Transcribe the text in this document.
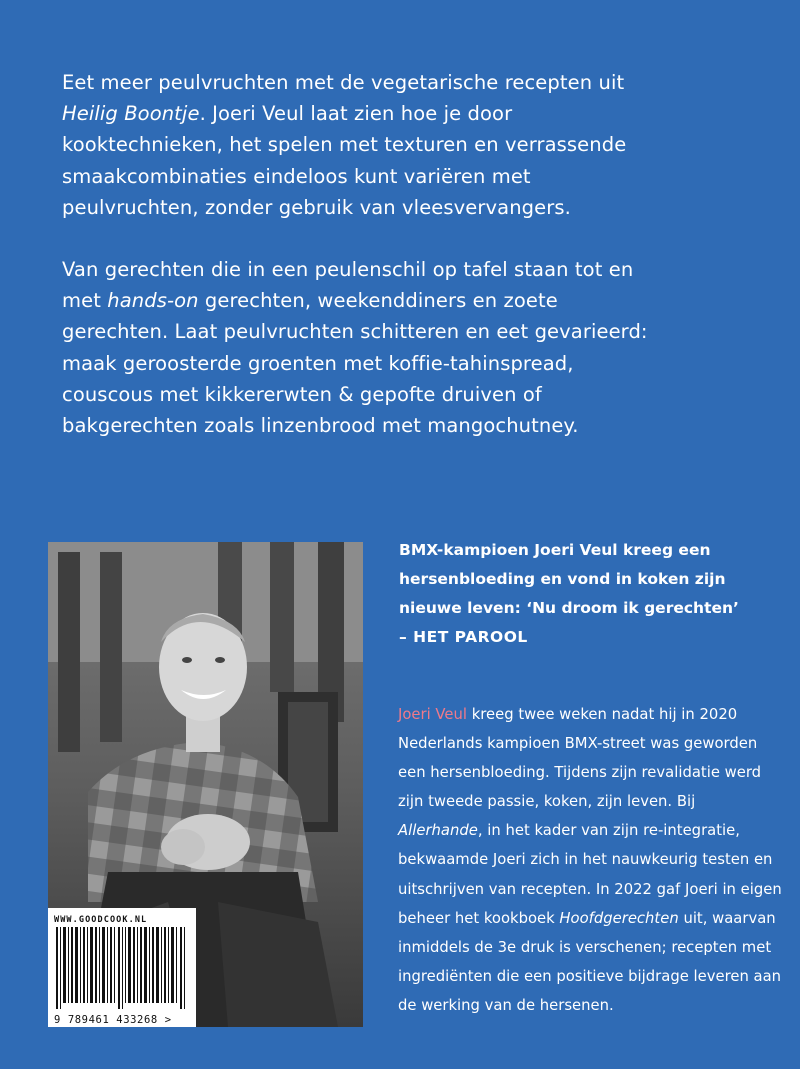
Eet meer peulvruchten met de vegetarische recepten uit Heilig Boontje. Joeri Veul laat zien hoe je door kooktechnieken, het spelen met texturen en verrassende smaakcombinaties eindeloos kunt variëren met peulvruchten, zonder gebruik van vleesvervangers.

Van gerechten die in een peulenschil op tafel staan tot en met hands-on gerechten, weekenddiners en zoete gerechten. Laat peulvruchten schitteren en eet gevarieerd: maak geroosterde groenten met koffie-tahinspread, couscous met kikkererwten & gepofte druiven of bakgerechten zoals linzenbrood met mangochutney.

WWW.GOODCOOK.NL
9 789461 433268 >

BMX-kampioen Joeri Veul kreeg een hersenbloeding en vond in koken zijn nieuwe leven: ‘Nu droom ik gerechten’

– HET PAROOL

Joeri Veul kreeg twee weken nadat hij in 2020 Nederlands kampioen BMX-street was geworden een hersenbloeding. Tijdens zijn revalidatie werd zijn tweede passie, koken, zijn leven. Bij Allerhande, in het kader van zijn re-integratie, bekwaamde Joeri zich in het nauwkeurig testen en uitschrijven van recepten. In 2022 gaf Joeri in eigen beheer het kookboek Hoofdgerechten uit, waarvan inmiddels de 3e druk is verschenen; recepten met ingrediënten die een positieve bijdrage leveren aan de werking van de hersenen.
